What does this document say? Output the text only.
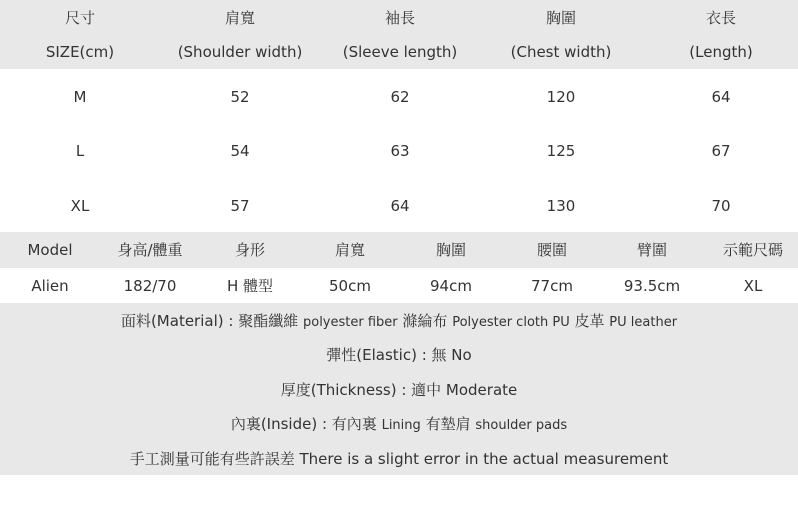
尺寸	肩寬	袖長	胸圍	衣長
SIZE(cm)	(Shoulder width)	(Sleeve length)	(Chest width)	(Length)
M	52	62	120	64
L	54	63	125	67
XL	57	64	130	70
Model	身高/體重	身形	肩寬	胸圍	腰圍	臂圍	示範尺碼
Alien	182/70	H 體型	50cm	94cm	77cm	93.5cm	XL
面料(Material) : 聚酯纖維 polyester fiber 滌綸布 Polyester cloth PU 皮革 PU leather
彈性(Elastic) : 無 No
厚度(Thickness) : 適中 Moderate
內裏(Inside) : 有內裏 Lining 有墊肩 shoulder pads
手工測量可能有些許誤差 There is a slight error in the actual measurement
